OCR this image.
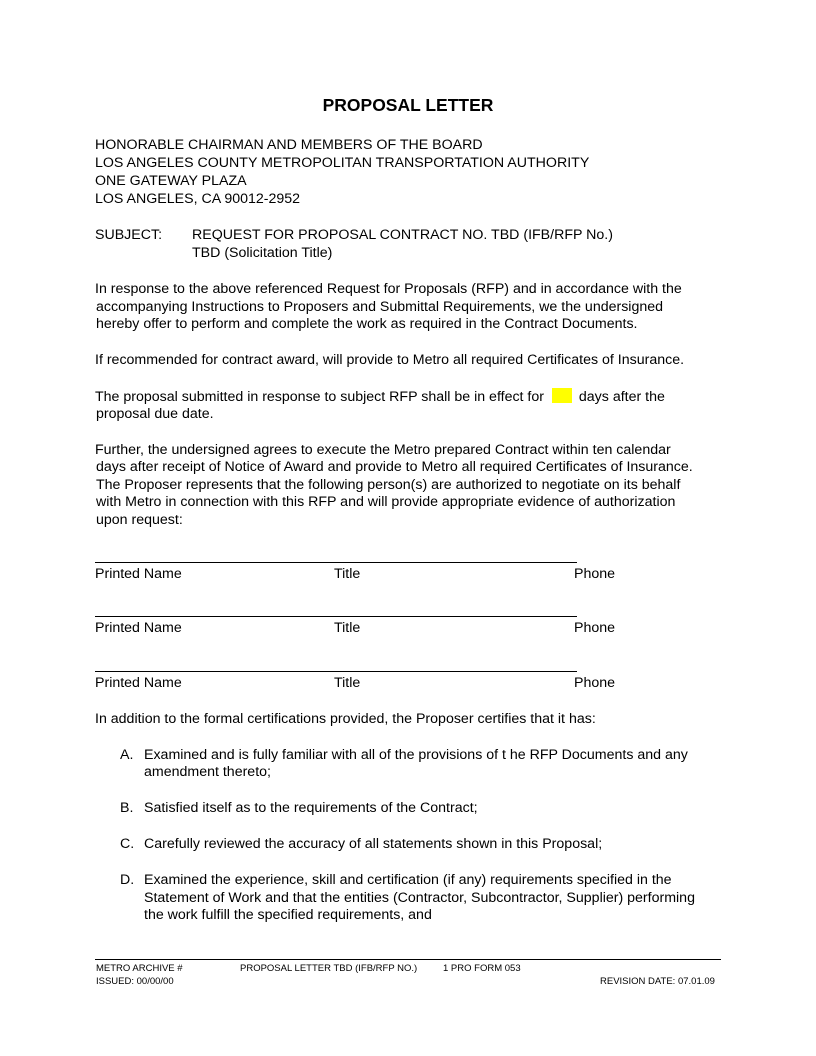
PROPOSAL LETTER
HONORABLE CHAIRMAN AND MEMBERS OF THE BOARD
LOS ANGELES COUNTY METROPOLITAN TRANSPORTATION AUTHORITY
ONE GATEWAY PLAZA
LOS ANGELES, CA 90012-2952
SUBJECT: REQUEST FOR PROPOSAL CONTRACT NO. TBD (IFB/RFP No.)
TBD (Solicitation Title)
In response to the above referenced Request for Proposals (RFP) and in accordance with the
accompanying Instructions to Proposers and Submittal Requirements, we the undersigned
hereby offer to perform and complete the work as required in the Contract Documents.
If recommended for contract award, will provide to Metro all required Certificates of Insurance.
The proposal submitted in response to subject RFP shall be in effect for days after the
proposal due date.
Further, the undersigned agrees to execute the Metro prepared Contract within ten calendar
days after receipt of Notice of Award and provide to Metro all required Certificates of Insurance.
The Proposer represents that the following person(s) are authorized to negotiate on its behalf
with Metro in connection with this RFP and will provide appropriate evidence of authorization
upon request:
Printed Name	Title	Phone
Printed Name	Title	Phone
Printed Name	Title	Phone
In addition to the formal certifications provided, the Proposer certifies that it has:
A. Examined and is fully familiar with all of the provisions of t he RFP Documents and any
amendment thereto;
B. Satisfied itself as to the requirements of the Contract;
C. Carefully reviewed the accuracy of all statements shown in this Proposal;
D. Examined the experience, skill and certification (if any) requirements specified in the
Statement of Work and that the entities (Contractor, Subcontractor, Supplier) performing
the work fulfill the specified requirements, and
METRO ARCHIVE #	PROPOSAL LETTER TBD (IFB/RFP NO.)	1 PRO FORM 053
ISSUED: 00/00/00	REVISION DATE: 07.01.09
